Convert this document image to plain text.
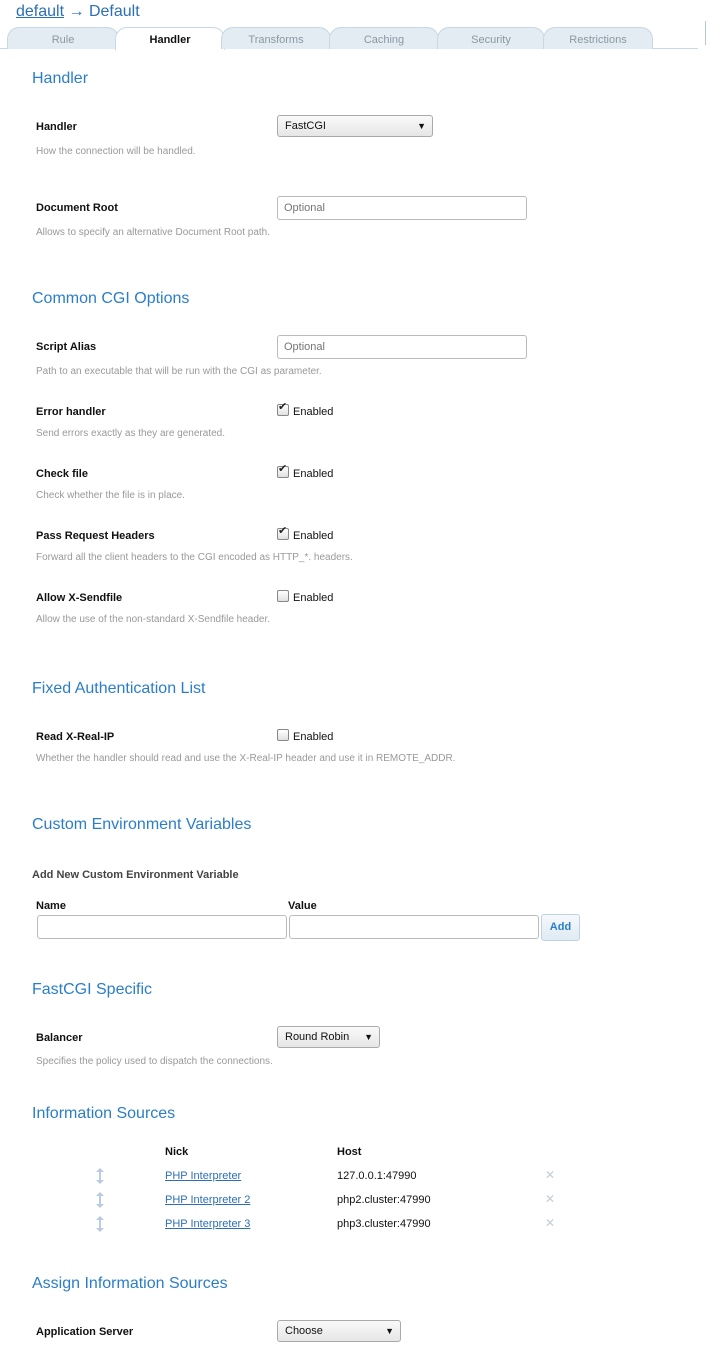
default → Default
Rule	Handler	Transforms	Caching	Security	Restrictions
Handler
Handler	FastCGI	▼
How the connection will be handled.
Document Root
Optional
Allows to specify an alternative Document Root path.
Common CGI Options
Script Alias
Optional
Path to an executable that will be run with the CGI as parameter.
Error handler	✔ Enabled
Send errors exactly as they are generated.
Check file	✔ Enabled
Check whether the file is in place.
Pass Request Headers	✔ Enabled
Forward all the client headers to the CGI encoded as HTTP_*. headers.
Allow X-Sendfile	Enabled
Allow the use of the non-standard X-Sendfile header.
Fixed Authentication List
Read X-Real-IP	Enabled
Whether the handler should read and use the X-Real-IP header and use it in REMOTE_ADDR.
Custom Environment Variables
Add New Custom Environment Variable
Name	Value
Add
FastCGI Specific
Balancer	Round Robin ▼
Specifies the policy used to dispatch the connections.
Information Sources
Nick	Host
PHP Interpreter	127.0.0.1:47990	✕
PHP Interpreter 2	php2.cluster:47990	✕
PHP Interpreter 3	php3.cluster:47990	✕
Assign Information Sources
Application Server	Choose	▼
